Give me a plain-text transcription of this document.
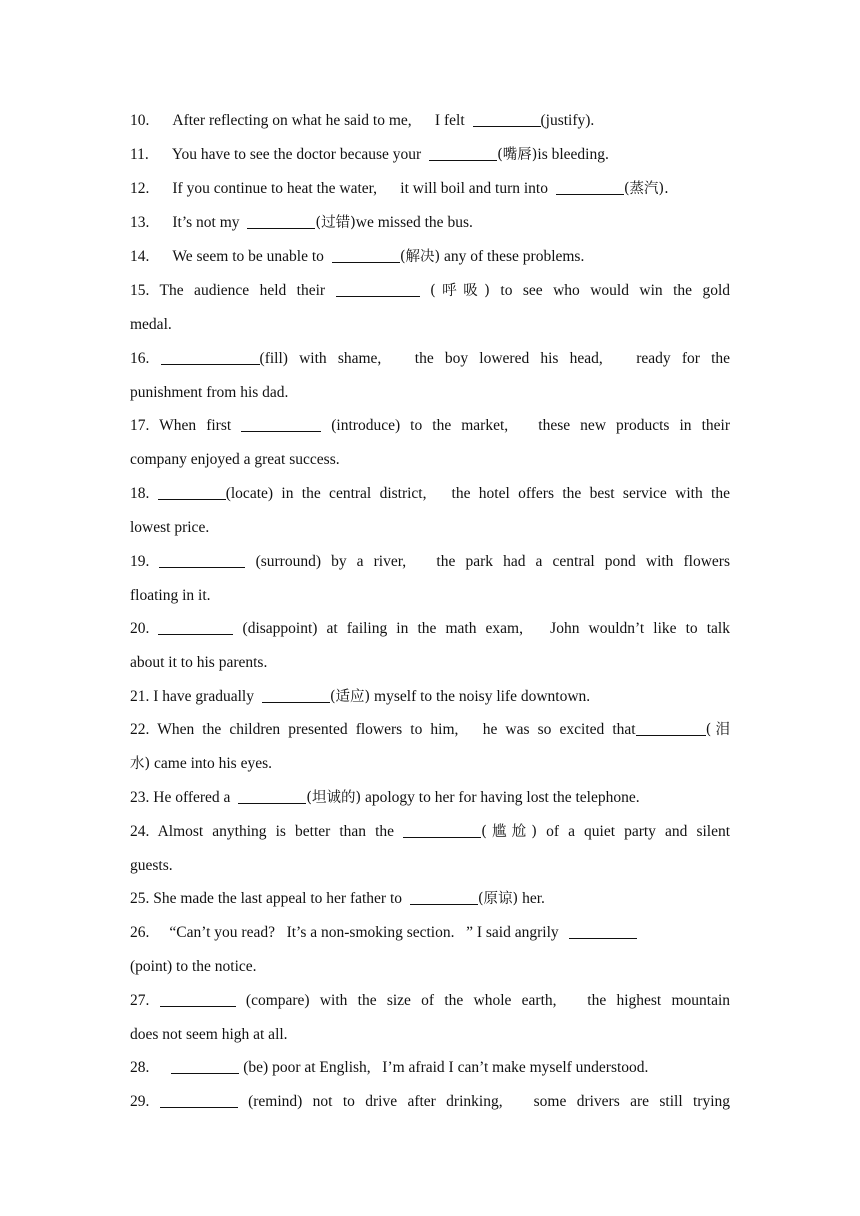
10. After reflecting on what he said to me,      I felt	(justify).
11. You have to see the doctor because your	(嘴唇)is bleeding.
12. If you continue to heat the water,      it will boil and turn into	(蒸汽).
13. It’s not my	(过错)we missed the bus.
14. We seem to be unable to	(解决) any of these problems.
15. The audience held their	(呼吸) to see who would win the gold
medal.
16.	(fill) with shame,   the boy lowered his head,   ready for the
punishment from his dad.
17. When first	(introduce) to the market,   these new products in their
company enjoyed a great success.
18.	(locate) in the central district,   the hotel offers the best service with the
lowest price.
19.	(surround) by a river,   the park had a central pond with flowers
floating in it.
20.	(disappoint) at failing in the math exam,   John wouldn’t like to talk
about it to his parents.
21. I have gradually	(适应) myself to the noisy life downtown.
22. When the children presented flowers to him,   he was so excited that	(泪
水) came into his eyes.
23. He offered a	(坦诚的) apology to her for having lost the telephone.
24. Almost anything is better than the	(尴尬) of a quiet party and silent
guests.
25. She made the last appeal to her father to	(原谅) her.
26. “Can’t you read?   It’s a non-smoking section.   ” I said angrily
(point) to the notice.
27.	(compare) with the size of the whole earth,   the highest mountain
does not seem high at all.
28.	(be) poor at English,   I’m afraid I can’t make myself understood.
29.	(remind) not to drive after drinking,   some drivers are still trying
